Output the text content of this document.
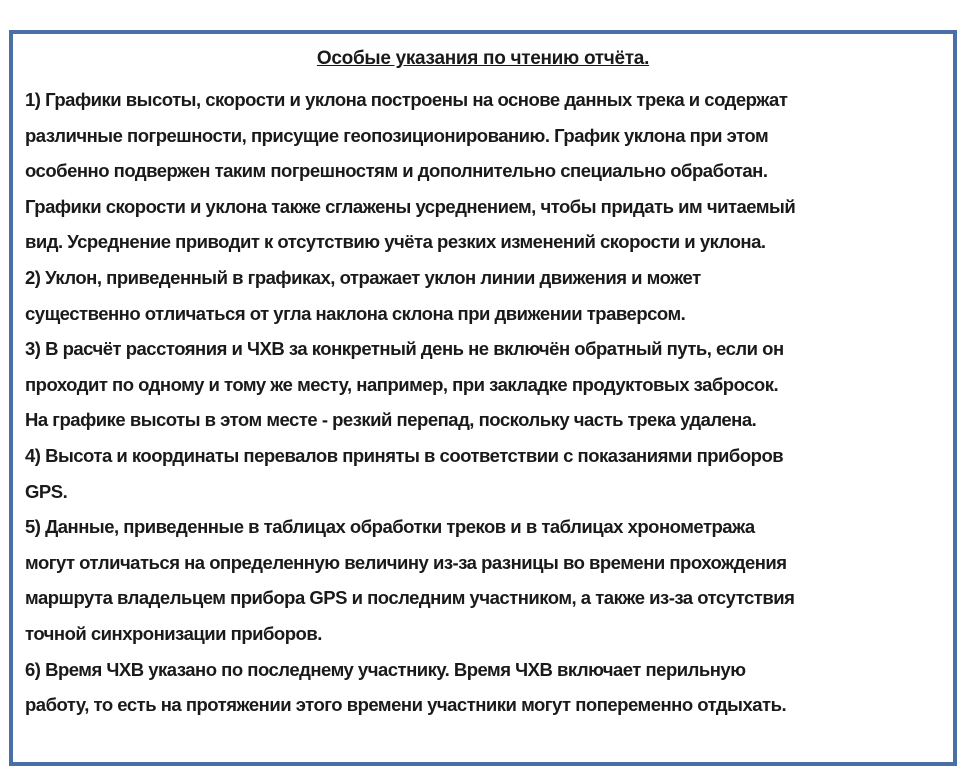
Особые указания по чтению отчёта.
1) Графики высоты, скорости и уклона построены на основе данных трека и содержат
различные погрешности, присущие геопозиционированию. График уклона при этом
особенно подвержен таким погрешностям и дополнительно специально обработан.
Графики скорости и уклона также сглажены усреднением, чтобы придать им читаемый
вид. Усреднение приводит к отсутствию учёта резких изменений скорости и уклона.
2) Уклон, приведенный в графиках, отражает уклон линии движения и может
существенно отличаться от угла наклона склона при движении траверсом.
3) В расчёт расстояния и ЧХВ за конкретный день не включён обратный путь, если он
проходит по одному и тому же месту, например, при закладке продуктовых забросок.
На графике высоты в этом месте - резкий перепад, поскольку часть трека удалена.
4) Высота и координаты перевалов приняты в соответствии с показаниями приборов
GPS.
5) Данные, приведенные в таблицах обработки треков и в таблицах хронометража
могут отличаться на определенную величину из-за разницы во времени прохождения
маршрута владельцем прибора GPS и последним участником, а также из-за отсутствия
точной синхронизации приборов.
6) Время ЧХВ указано по последнему участнику. Время ЧХВ включает перильную
работу, то есть на протяжении этого времени участники могут попеременно отдыхать.
